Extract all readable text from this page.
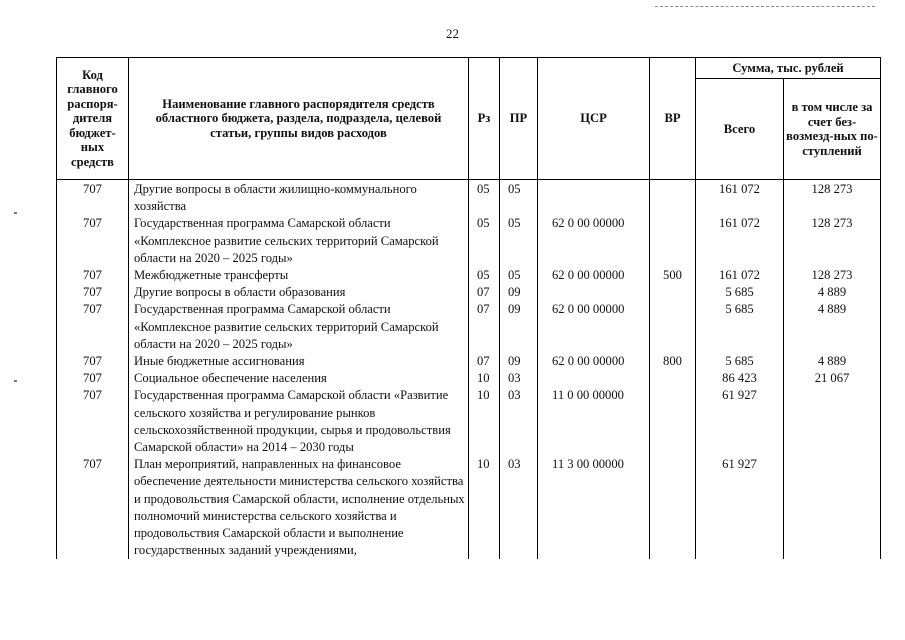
22
Код главного распоря-дителя бюджет-ных средств	Наименование главного распорядителя средств областного бюджета, раздела, подраздела, целевой статьи, группы видов расходов	Рз	ПР	ЦСР	ВР	Сумма, тыс. рублей	
						Всего	в том числе за счет без-возмезд-ных по-ступлений
707	Другие вопросы в области жилищно-коммунального хозяйства	05	05			161 072	128 273
707	Государственная программа Самарской области «Комплексное развитие сельских территорий Самарской области на 2020 – 2025 годы»	05	05	62 0 00 00000		161 072	128 273
707	Межбюджетные трансферты	05	05	62 0 00 00000	500	161 072	128 273
707	Другие вопросы в области образования	07	09			5 685	4 889
707	Государственная программа Самарской области «Комплексное развитие сельских территорий Самарской области на 2020 – 2025 годы»	07	09	62 0 00 00000		5 685	4 889
707	Иные бюджетные ассигнования	07	09	62 0 00 00000	800	5 685	4 889
707	Социальное обеспечение населения	10	03			86 423	21 067
707	Государственная программа Самарской области «Развитие сельского хозяйства и регулирование рынков сельскохозяйственной продукции, сырья и продовольствия Самарской области» на 2014 – 2030 годы	10	03	11 0 00 00000		61 927	
707	План мероприятий, направленных на финансовое обеспечение деятельности министерства сельского хозяйства и продовольствия Самарской области, исполнение отдельных полномочий министерства сельского хозяйства и продовольствия Самарской области и выполнение государственных заданий учреждениями,	10	03	11 3 00 00000		61 927	
